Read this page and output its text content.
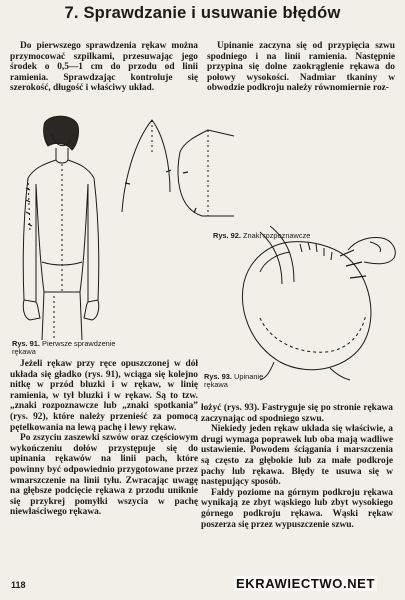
7. Sprawdzanie i usuwanie błędów

Do pierwszego sprawdzenia rękaw można przymocować szpilkami, przesuwając jego środek o 0,5—1 cm do przodu od linii ramienia. Sprawdzając kontroluje się szerokość, długość i właściwy układ.

Upinanie zaczyna się od przypięcia szwu spodniego i na linii ramienia. Następnie przypina się dolne zaokrąglenie rękawa do połowy wysokości. Nadmiar tkaniny w obwodzie podkroju należy równomiernie roz-

Rys. 91. Pierwsze sprawdzenie rękawa
Rys. 92. Znaki rozpoznawcze
Rys. 93. Upinanie rękawa

Jeżeli rękaw przy ręce opuszczonej w dół układa się gładko (rys. 91), wciąga się kolejno nitkę w przód bluzki i w rękaw, w linię ramienia, w tył bluzki i w rękaw. Są to tzw. „znaki rozpoznawcze lub „znaki spotkania” (rys. 92), które należy przenieść za pomocą pętelkowania na lewą pachę i lewy rękaw.

Po zszyciu zaszewki szwów oraz częściowym wykończeniu dołów przystępuje się do upinania rękawów na linii pach, które powinny być odpowiednio przygotowane przez wmarszczenie na linii tyłu. Zwracając uwagę na głębsze podcięcie rękawa z przodu uniknie się przykrej pomyłki wszycia w pachę niewłaściwego rękawa.

łożyć (rys. 93). Fastryguje się po stronie rękawa zaczynając od spodniego szwu.

Niekiedy jeden rękaw układa się właściwie, a drugi wymaga poprawek lub oba mają wadliwe ustawienie. Powodem ściągania i marszczenia są często za głębokie lub za małe podkroje pachy lub rękawa. Błędy te usuwa się w następujący sposób.

Fałdy poziome na górnym podkroju rękawa wynikają ze zbyt wąskiego lub zbyt wysokiego górnego podkroju rękawa. Wąski rękaw poszerza się przez wypuszczenie szwu.

118	EKRAWIECTWO.NET
